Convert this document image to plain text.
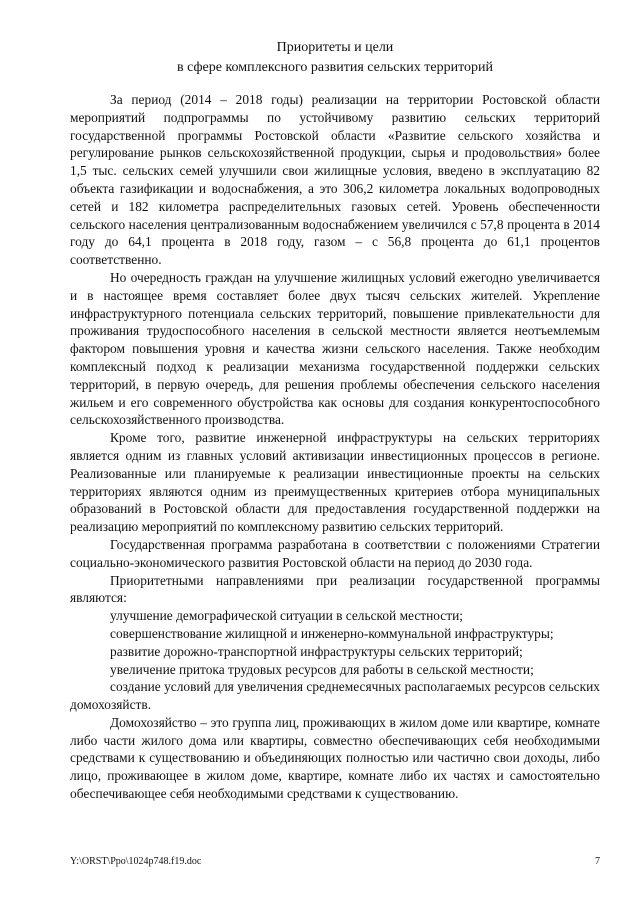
Приоритеты и цели
в сфере комплексного развития сельских территорий

За период (2014 – 2018 годы) реализации на территории Ростовской области мероприятий подпрограммы по устойчивому развитию сельских территорий государственной программы Ростовской области «Развитие сельского хозяйства и регулирование рынков сельскохозяйственной продукции, сырья и продовольствия» более 1,5 тыс. сельских семей улучшили свои жилищные условия, введено в эксплуатацию 82 объекта газификации и водоснабжения, а это 306,2 километра локальных водопроводных сетей и 182 километра распределительных газовых сетей. Уровень обеспеченности сельского населения централизованным водоснабжением увеличился с 57,8 процента в 2014 году до 64,1 процента в 2018 году, газом – с 56,8 процента до 61,1 процентов соответственно.

Но очередность граждан на улучшение жилищных условий ежегодно увеличивается и в настоящее время составляет более двух тысяч сельских жителей. Укрепление инфраструктурного потенциала сельских территорий, повышение привлекательности для проживания трудоспособного населения в сельской местности является неотъемлемым фактором повышения уровня и качества жизни сельского населения. Также необходим комплексный подход к реализации механизма государственной поддержки сельских территорий, в первую очередь, для решения проблемы обеспечения сельского населения жильем и его современного обустройства как основы для создания конкурентоспособного сельскохозяйственного производства.

Кроме того, развитие инженерной инфраструктуры на сельских территориях является одним из главных условий активизации инвестиционных процессов в регионе. Реализованные или планируемые к реализации инвестиционные проекты на сельских территориях являются одним из преимущественных критериев отбора муниципальных образований в Ростовской области для предоставления государственной поддержки на реализацию мероприятий по комплексному развитию сельских территорий.

Государственная программа разработана в соответствии с положениями Стратегии социально-экономического развития Ростовской области на период до 2030 года.

Приоритетными направлениями при реализации государственной программы являются:

улучшение демографической ситуации в сельской местности;

совершенствование жилищной и инженерно-коммунальной инфраструктуры;

развитие дорожно-транспортной инфраструктуры сельских территорий;

увеличение притока трудовых ресурсов для работы в сельской местности;

создание условий для увеличения среднемесячных располагаемых ресурсов сельских домохозяйств.

Домохозяйство – это группа лиц, проживающих в жилом доме или квартире, комнате либо части жилого дома или квартиры, совместно обеспечивающих себя необходимыми средствами к существованию и объединяющих полностью или частично свои доходы, либо лицо, проживающее в жилом доме, квартире, комнате либо их частях и самостоятельно обеспечивающее себя необходимыми средствами к существованию.

Y:\ORST\Ppo\1024p748.f19.doc	7
